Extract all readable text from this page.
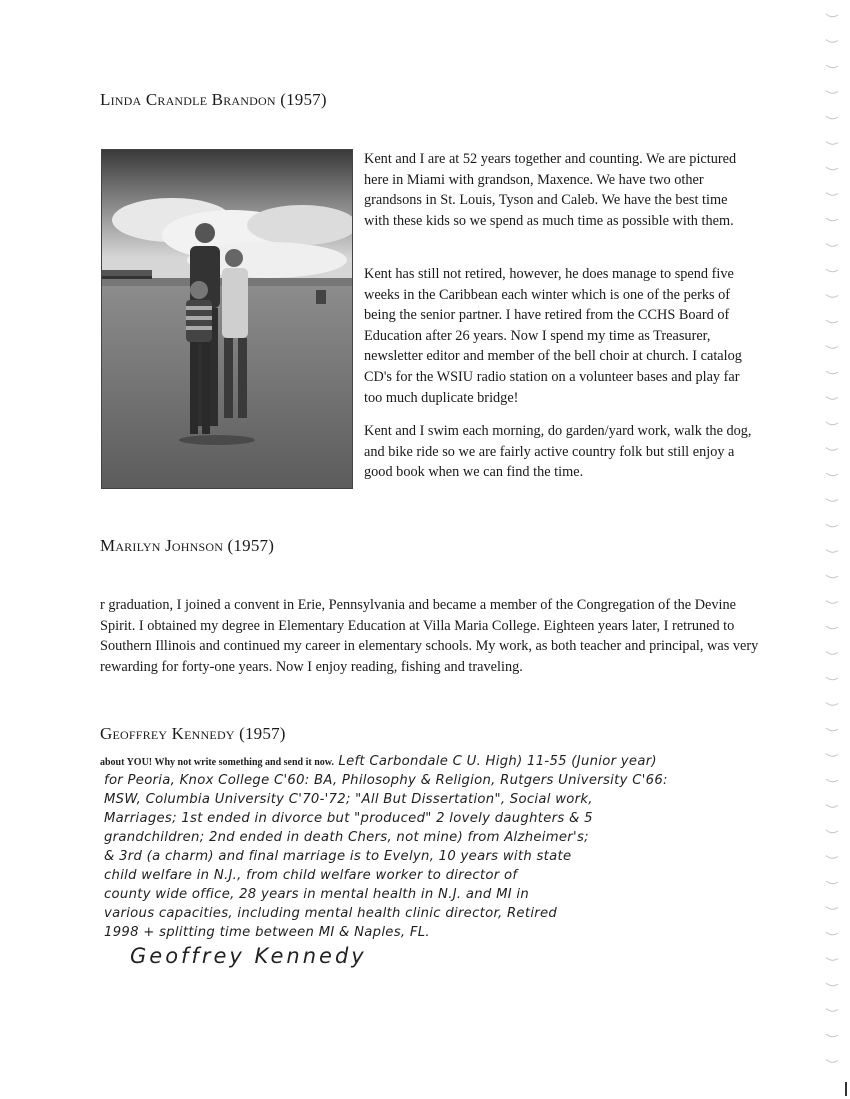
Linda Crandle Brandon (1957)
Kent and I are at 52 years together and counting. We are pictured here in Miami with grandson, Maxence. We have two other grandsons in St. Louis, Tyson and Caleb. We have the best time with these kids so we spend as much time as possible with them.
Kent has still not retired, however, he does manage to spend five weeks in the Caribbean each winter which is one of the perks of being the senior partner. I have retired from the CCHS Board of Education after 26 years. Now I spend my time as Treasurer, newsletter editor and member of the bell choir at church. I catalog CD's for the WSIU radio station on a volunteer bases and play far too much duplicate bridge!
Kent and I swim each morning, do garden/yard work, walk the dog, and bike ride so we are fairly active country folk but still enjoy a good book when we can find the time.
Marilyn Johnson (1957)
r graduation, I joined a convent in Erie, Pennsylvania and became a member of the Congregation of the Devine Spirit. I obtained my degree in Elementary Education at Villa Maria College. Eighteen years later, I retruned to Southern Illinois and continued my career in elementary schools. My work, as both teacher and principal, was very rewarding for forty-one years. Now I enjoy reading, fishing and traveling.
Geoffrey Kennedy (1957)
about YOU! Why not write something and send it now. Left Carbondale C U. High) 11-55 (Junior year)
for Peoria, Knox College C'60: BA, Philosophy & Religion, Rutgers University C'66:
MSW, Columbia University C'70-'72; "All But Dissertation", Social work,
Marriages; 1st ended in divorce but "produced" 2 lovely daughters & 5
grandchildren; 2nd ended in death Chers, not mine) from Alzheimer's;
& 3rd (a charm) and final marriage is to Evelyn, 10 years with state
child welfare in N.J., from child welfare worker to director of
county wide office, 28 years in mental health in N.J. and MI in
various capacities, including mental health clinic director, Retired
1998 + splitting time between MI & Naples, FL.
Geoffrey Kennedy
